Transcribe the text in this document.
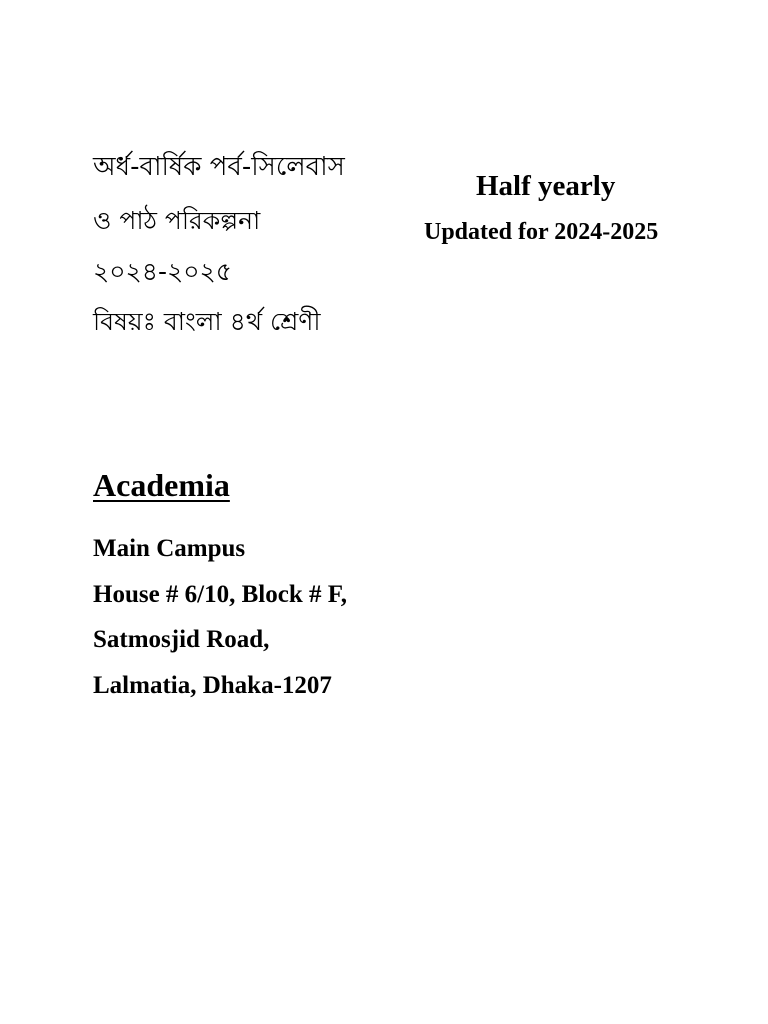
অর্ধ-বার্ষিক পর্ব-সিলেবাস
ও পাঠ পরিকল্পনা
২০২৪-২০২৫
বিষয়ঃ বাংলা ৪র্থ শ্রেণী
Half yearly
Updated for 2024-2025
Academia
Main Campus
House # 6/10, Block # F,
Satmosjid Road,
Lalmatia, Dhaka-1207
